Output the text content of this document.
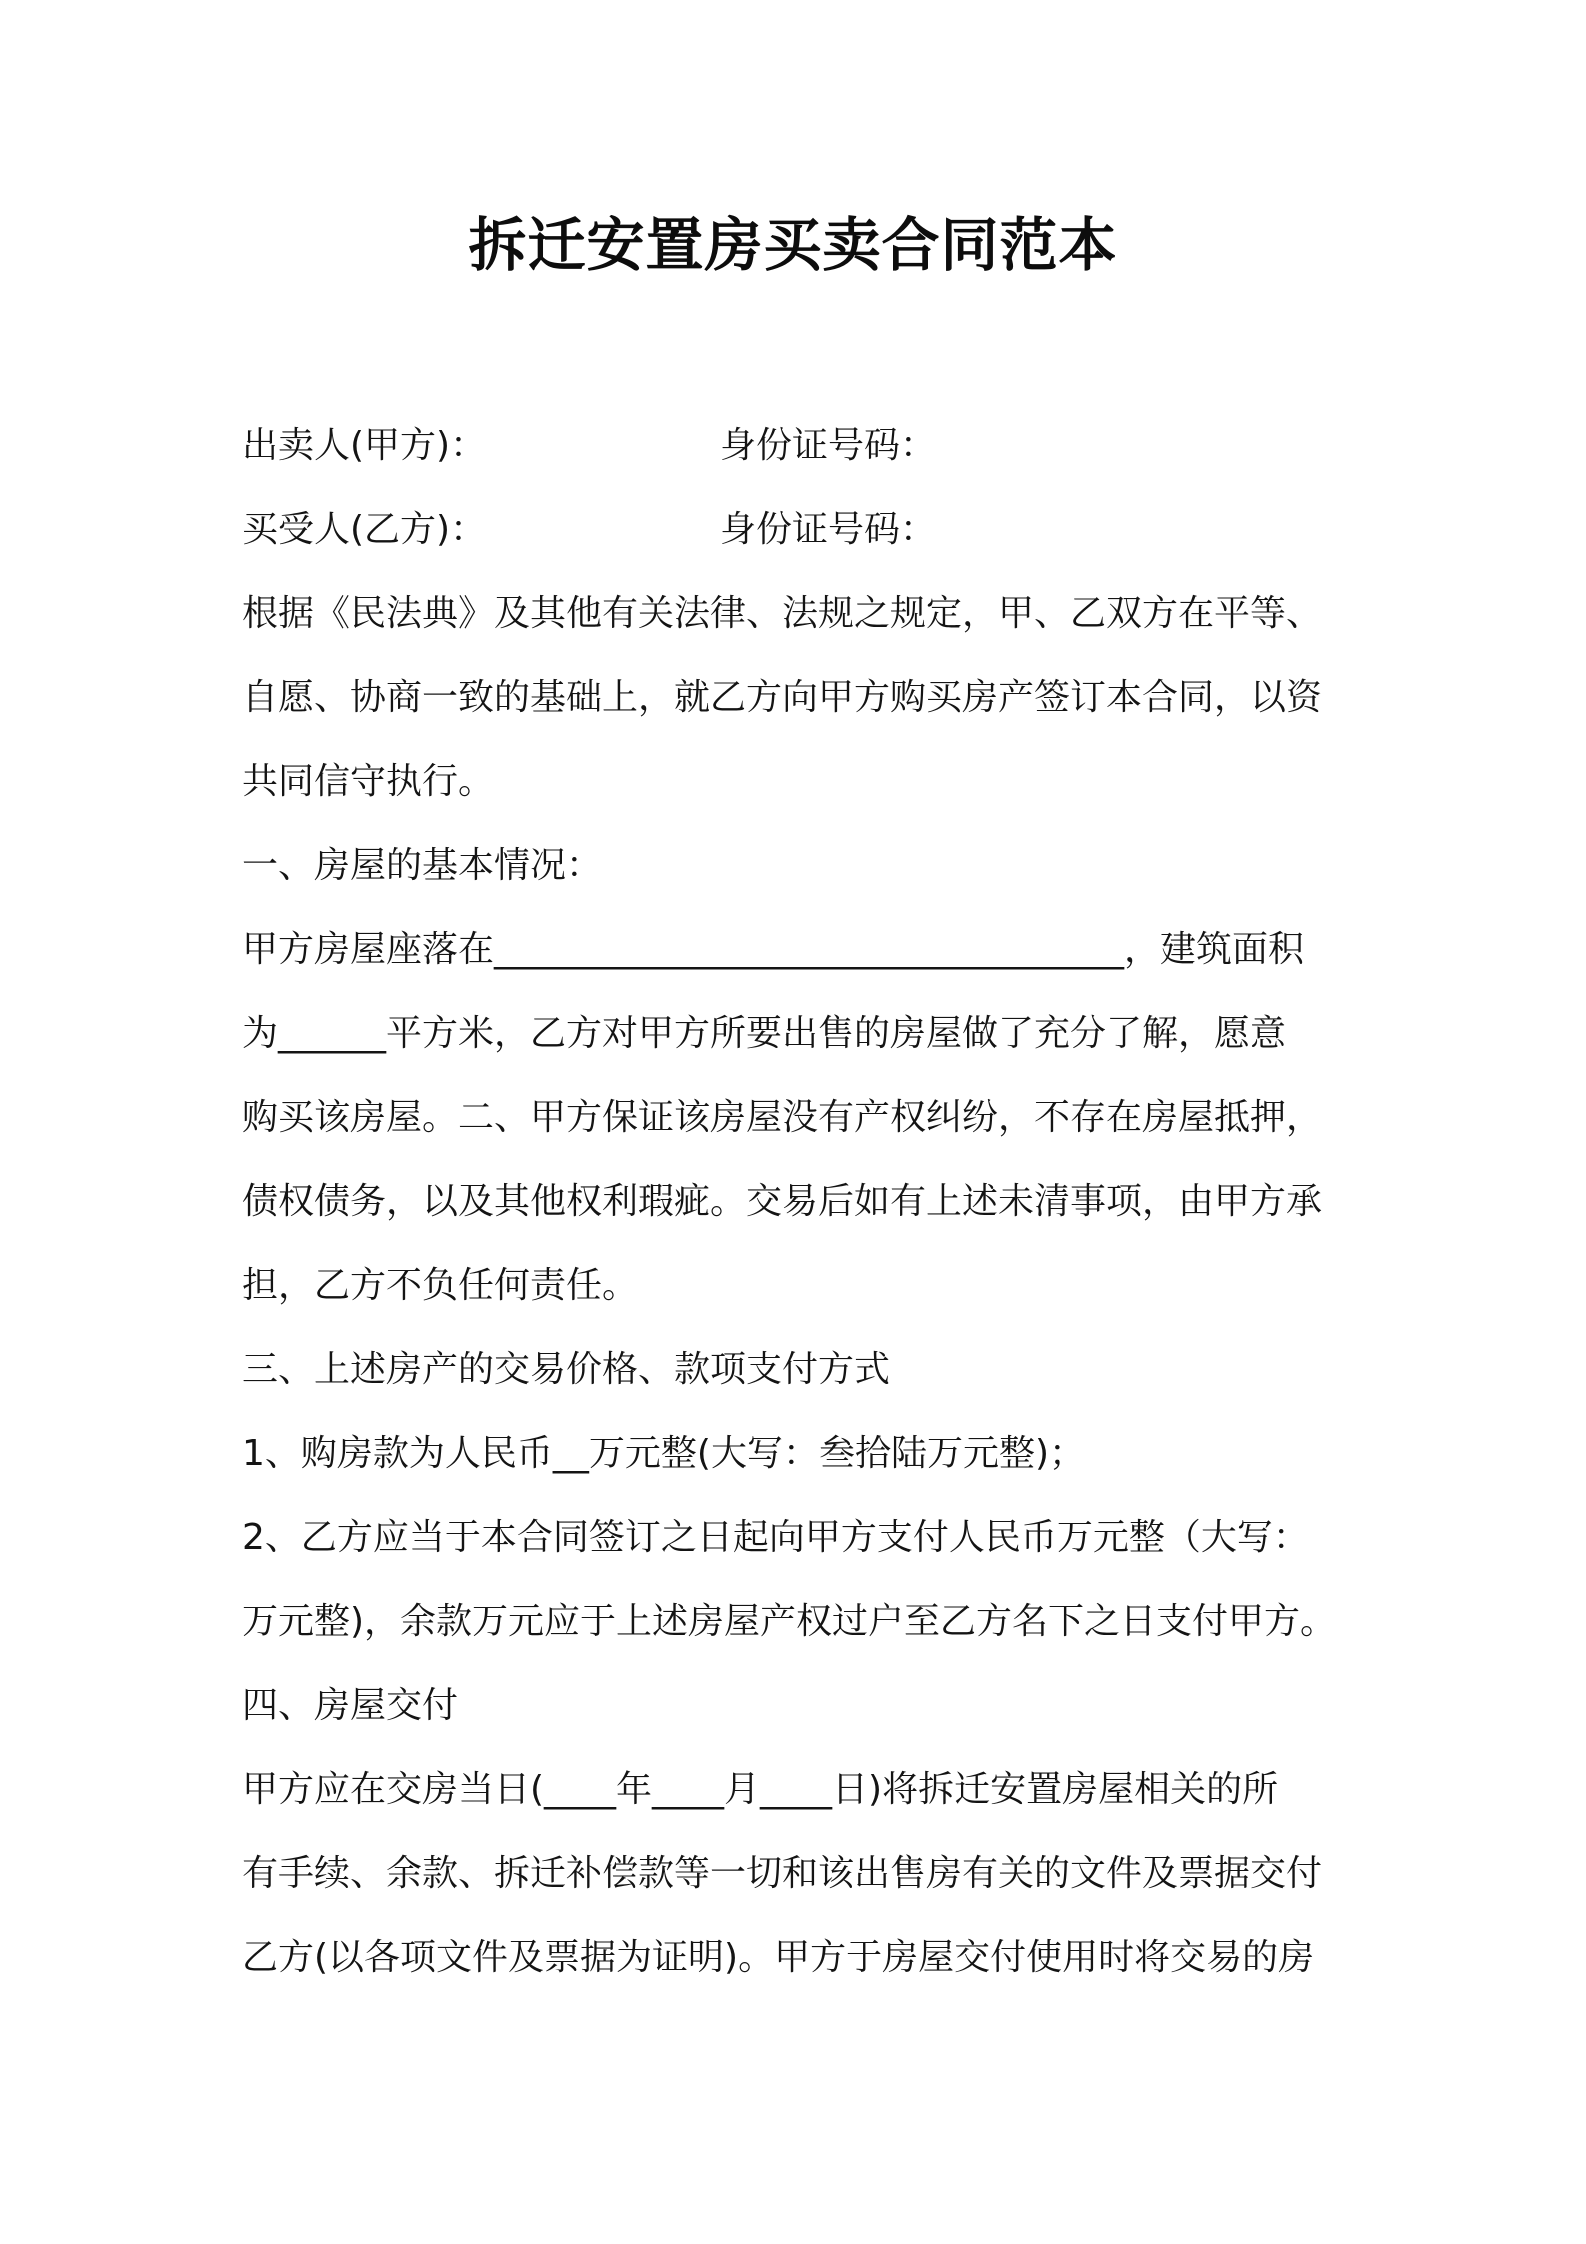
拆迁安置房买卖合同范本
出卖人(甲方)：	身份证号码：
买受人(乙方)：	身份证号码：
根据《民法典》及其他有关法律、法规之规定，甲、乙双方在平等、
自愿、协商一致的基础上，就乙方向甲方购买房产签订本合同，以资
共同信守执行。
一、房屋的基本情况：
甲方房屋座落在___________________________________，建筑面积
为______平方米，乙方对甲方所要出售的房屋做了充分了解，愿意
购买该房屋。二、甲方保证该房屋没有产权纠纷，不存在房屋抵押，
债权债务，以及其他权利瑕疵。交易后如有上述未清事项，由甲方承
担，乙方不负任何责任。
三、上述房产的交易价格、款项支付方式
1、购房款为人民币__万元整(大写：叁拾陆万元整)；
2、乙方应当于本合同签订之日起向甲方支付人民币万元整（大写：
万元整)，余款万元应于上述房屋产权过户至乙方名下之日支付甲方。
四、房屋交付
甲方应在交房当日(____年____月____日)将拆迁安置房屋相关的所
有手续、余款、拆迁补偿款等一切和该出售房有关的文件及票据交付
乙方(以各项文件及票据为证明)。甲方于房屋交付使用时将交易的房
